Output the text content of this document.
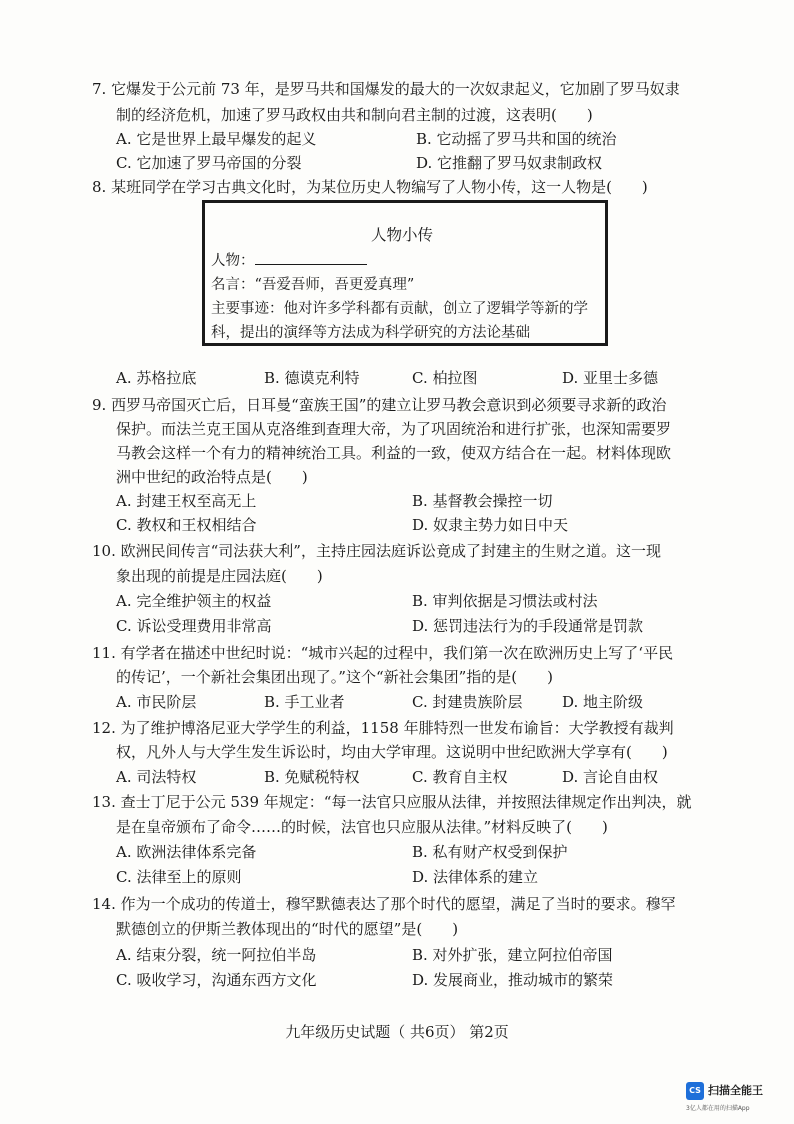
7. 它爆发于公元前 73 年，是罗马共和国爆发的最大的一次奴隶起义，它加剧了罗马奴隶
制的经济危机，加速了罗马政权由共和制向君主制的过渡，这表明(　　)
A. 它是世界上最早爆发的起义	B. 它动摇了罗马共和国的统治
C. 它加速了罗马帝国的分裂	D. 它推翻了罗马奴隶制政权
8. 某班同学在学习古典文化时，为某位历史人物编写了人物小传，这一人物是(　　)
人物小传
人物：
名言：“吾爱吾师，吾更爱真理”
主要事迹：他对许多学科都有贡献，创立了逻辑学等新的学
科，提出的演绎等方法成为科学研究的方法论基础
A. 苏格拉底	B. 德谟克利特	C. 柏拉图	D. 亚里士多德
9. 西罗马帝国灭亡后，日耳曼“蛮族王国”的建立让罗马教会意识到必须要寻求新的政治
保护。而法兰克王国从克洛维到查理大帝，为了巩固统治和进行扩张，也深知需要罗
马教会这样一个有力的精神统治工具。利益的一致，使双方结合在一起。材料体现欧
洲中世纪的政治特点是(　　)
A. 封建王权至高无上	B. 基督教会操控一切
C. 教权和王权相结合	D. 奴隶主势力如日中天
10. 欧洲民间传言“司法获大利”，主持庄园法庭诉讼竟成了封建主的生财之道。这一现
象出现的前提是庄园法庭(　　)
A. 完全维护领主的权益	B. 审判依据是习惯法或村法
C. 诉讼受理费用非常高	D. 惩罚违法行为的手段通常是罚款
11. 有学者在描述中世纪时说：“城市兴起的过程中，我们第一次在欧洲历史上写了‘平民
的传记’，一个新社会集团出现了。”这个“新社会集团”指的是(　　)
A. 市民阶层	B. 手工业者	C. 封建贵族阶层	D. 地主阶级
12. 为了维护博洛尼亚大学学生的利益，1158 年腓特烈一世发布谕旨：大学教授有裁判
权，凡外人与大学生发生诉讼时，均由大学审理。这说明中世纪欧洲大学享有(　　)
A. 司法特权	B. 免赋税特权	C. 教育自主权	D. 言论自由权
13. 查士丁尼于公元 539 年规定：“每一法官只应服从法律，并按照法律规定作出判决，就
是在皇帝颁布了命令……的时候，法官也只应服从法律。”材料反映了(　　)
A. 欧洲法律体系完备	B. 私有财产权受到保护
C. 法律至上的原则	D. 法律体系的建立
14. 作为一个成功的传道士，穆罕默德表达了那个时代的愿望，满足了当时的要求。穆罕
默德创立的伊斯兰教体现出的“时代的愿望”是(　　)
A. 结束分裂，统一阿拉伯半岛	B. 对外扩张，建立阿拉伯帝国
C. 吸收学习，沟通东西方文化	D. 发展商业，推动城市的繁荣
九年级历史试题（ 共6页） 第2页
CS 扫描全能王
3亿人都在用的扫描App
